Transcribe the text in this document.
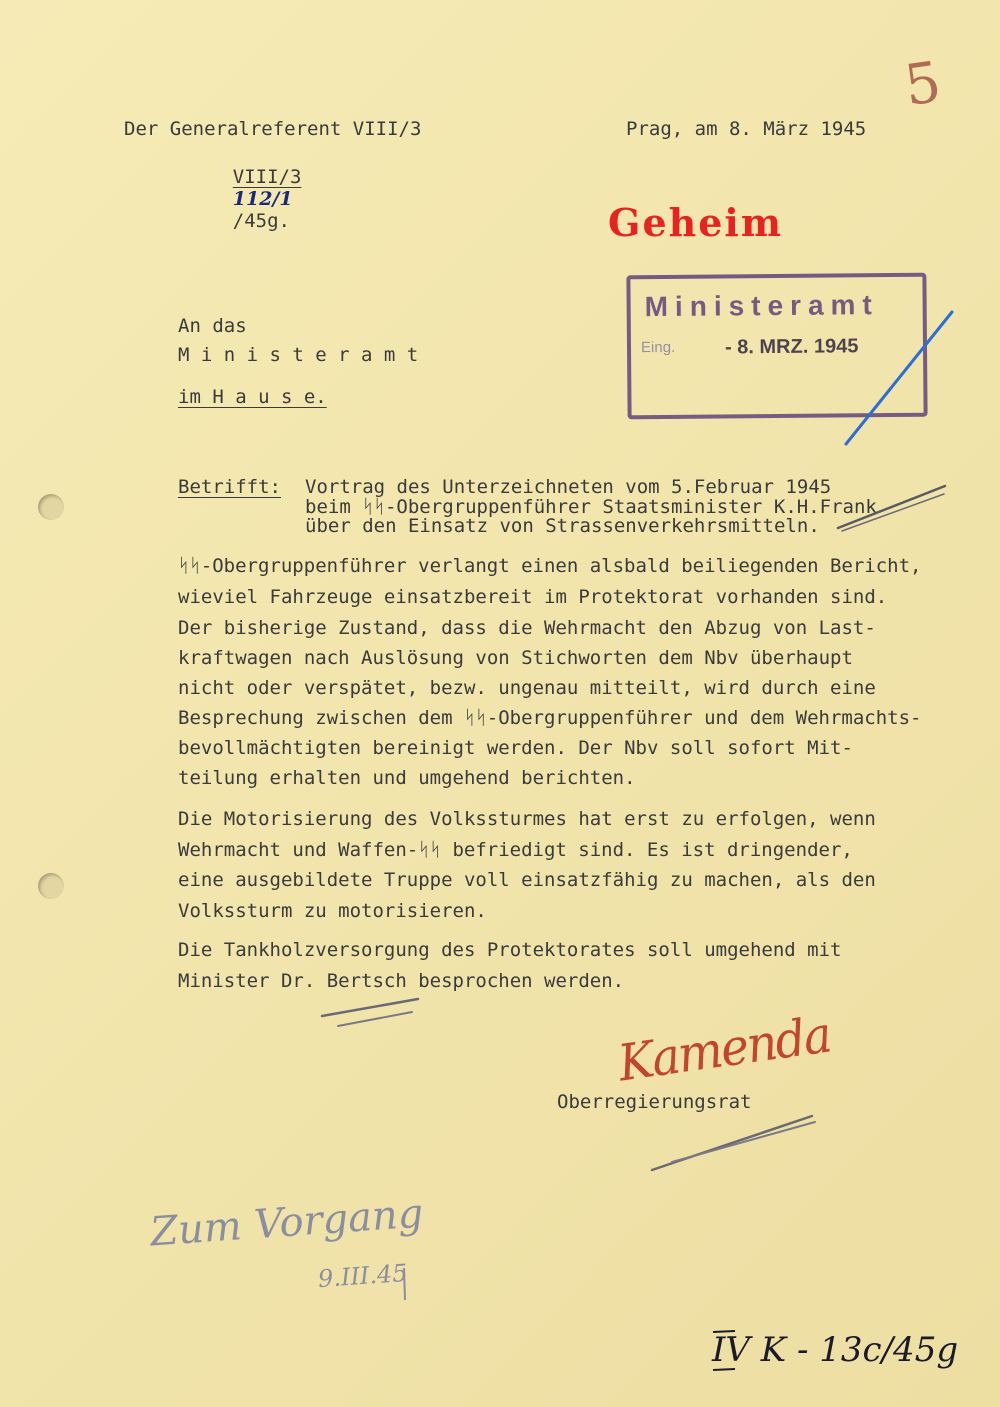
5
Der Generalreferent VIII/3

VIII/3
112/1
/45g.

Prag, am 8. März 1945
Geheim
Ministeramt
Eing. - 8. MRZ. 1945
An das
M i n i s t e r a m t
im H a u s e.
Betrifft: Vortrag des Unterzeichneten vom 5.Februar 1945
beim ᛋᛋ-Obergruppenführer Staatsminister K.H.Frank
über den Einsatz von Strassenverkehrsmitteln.
ᛋᛋ-Obergruppenführer verlangt einen alsbald beiliegenden Bericht,
wieviel Fahrzeuge einsatzbereit im Protektorat vorhanden sind.
Der bisherige Zustand, dass die Wehrmacht den Abzug von Last-
kraftwagen nach Auslösung von Stichworten dem Nbv überhaupt
nicht oder verspätet, bezw. ungenau mitteilt, wird durch eine
Besprechung zwischen dem ᛋᛋ-Obergruppenführer und dem Wehrmachts-
bevollmächtigten bereinigt werden. Der Nbv soll sofort Mit-
teilung erhalten und umgehend berichten.
Die Motorisierung des Volkssturmes hat erst zu erfolgen, wenn
Wehrmacht und Waffen-ᛋᛋ befriedigt sind. Es ist dringender,
eine ausgebildete Truppe voll einsatzfähig zu machen, als den
Volkssturm zu motorisieren.
Die Tankholzversorgung des Protektorates soll umgehend mit
Minister Dr. Bertsch besprochen werden.
Kamenda
Oberregierungsrat
Zum Vorgang
9.III.45
IV K - 13c/45g
